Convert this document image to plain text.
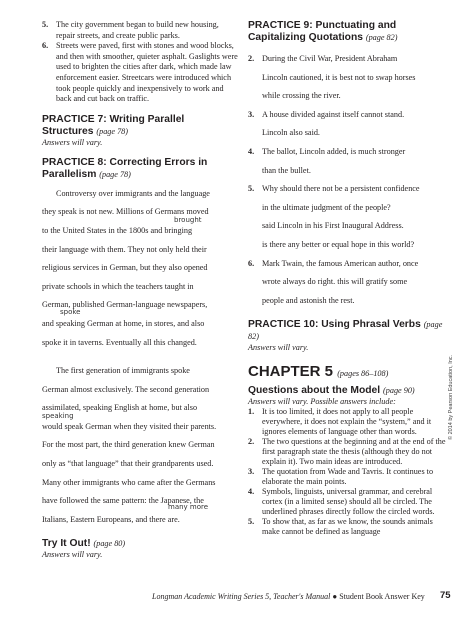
5. The city government began to build new housing, repair streets, and create public parks.
6. Streets were paved, first with stones and wood blocks, and then with smoother, quieter asphalt. Gaslights were used to brighten the cities after dark, which made law enforcement easier. Streetcars were introduced which took people quickly and inexpensively to work and back and cut back on traffic.
PRACTICE 7: Writing Parallel Structures (page 78)

Answers will vary.

PRACTICE 8: Correcting Errors in Parallelism (page 78)

Controversy over immigrants and the language

they speak is not new. Millions of Germans moved

brought

to the United States in the 1800s and bringing

their language with them. They not only held their

religious services in German, but they also opened

private schools in which the teachers taught in

German, published German-language newspapers,

spoke

and speaking German at home, in stores, and also

spoke it in taverns. Eventually all this changed.

The first generation of immigrants spoke

German almost exclusively. The second generation

assimilated, speaking English at home, but also

speaking

would speak German when they visited their parents.

For the most part, the third generation knew German

only as “that language” that their grandparents used.

Many other immigrants who came after the Germans

have followed the same pattern: the Japanese, the

many more

Italians, Eastern Europeans, and there are.

Try It Out! (page 80)

Answers will vary.

PRACTICE 9: Punctuating and Capitalizing Quotations (page 82)
2. During the Civil War, President Abraham
Lincoln cautioned, it is best not to swap horses
while crossing the river.
3. A house divided against itself cannot stand.
Lincoln also said.
4. The ballot, Lincoln added, is much stronger
than the bullet.
5. Why should there not be a persistent confidence
in the ultimate judgment of the people?
said Lincoln in his First Inaugural Address.
is there any better or equal hope in this world?
6. Mark Twain, the famous American author, once
wrote always do right. this will gratify some
people and astonish the rest.
PRACTICE 10: Using Phrasal Verbs (page 82)

Answers will vary.

CHAPTER 5 (pages 86–108)
Questions about the Model (page 90)

Answers will vary. Possible answers include:

1. It is too limited, it does not apply to all people everywhere, it does not explain the “system,” and it ignores elements of language other than words.
2. The two questions at the beginning and at the end of the first paragraph state the thesis (although they do not explain it). Two main ideas are introduced.
3. The quotation from Wade and Tavris. It continues to elaborate the main points.
4. Symbols, linguists, universal grammar, and cerebral cortex (in a limited sense) should all be circled. The underlined phrases directly follow the circled words.
5. To show that, as far as we know, the sounds animals make cannot be defined as language
© 2014 by Pearson Education, Inc.
Longman Academic Writing Series 5, Teacher's Manual ● Student Book Answer Key 75
